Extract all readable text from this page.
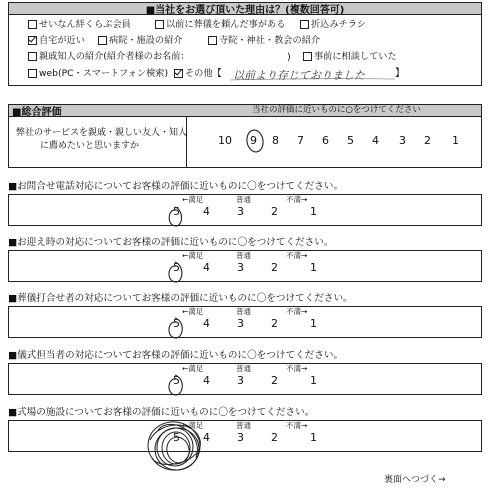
■当社をお選び頂いた理由は？(複数回答可)
せいなん絆くらぶ会員	以前に葬儀を頼んだ事がある	折込みチラシ
自宅が近い	病院・施設の紹介	寺院・神社・教会の紹介
親戚知人の紹介(紹介者様のお名前：	)	事前に相談していた
web(PC・スマートフォン検索) その他【 以前より存じておりました	】
■総合評価	当社の評価に近いものに○をつけてください
弊社のサービスを親戚・親しい友人・知人
に薦めたいと思いますか	10 9 8 7 6 5 4 3 2 1
■お問合せ電話対応についてお客様の評価に近いものに〇をつけてください。
←満足	普通	不満→
5 4 3 2	1
■お迎え時の対応についてお客様の評価に近いものに〇をつけてください。
←満足	普通	不満→
5 4 3 2	1
■葬儀打合せ者の対応についてお客様の評価に近いものに〇をつけてください。
←満足	普通	不満→
5 4 3 2	1
■儀式担当者の対応についてお客様の評価に近いものに〇をつけてください。
←満足	普通	不満→
5 4 3 2	1
■式場の施設についてお客様の評価に近いものに〇をつけてください。
←満足	普通	不満→
5 4 3 2	1
裏面へつづく→
